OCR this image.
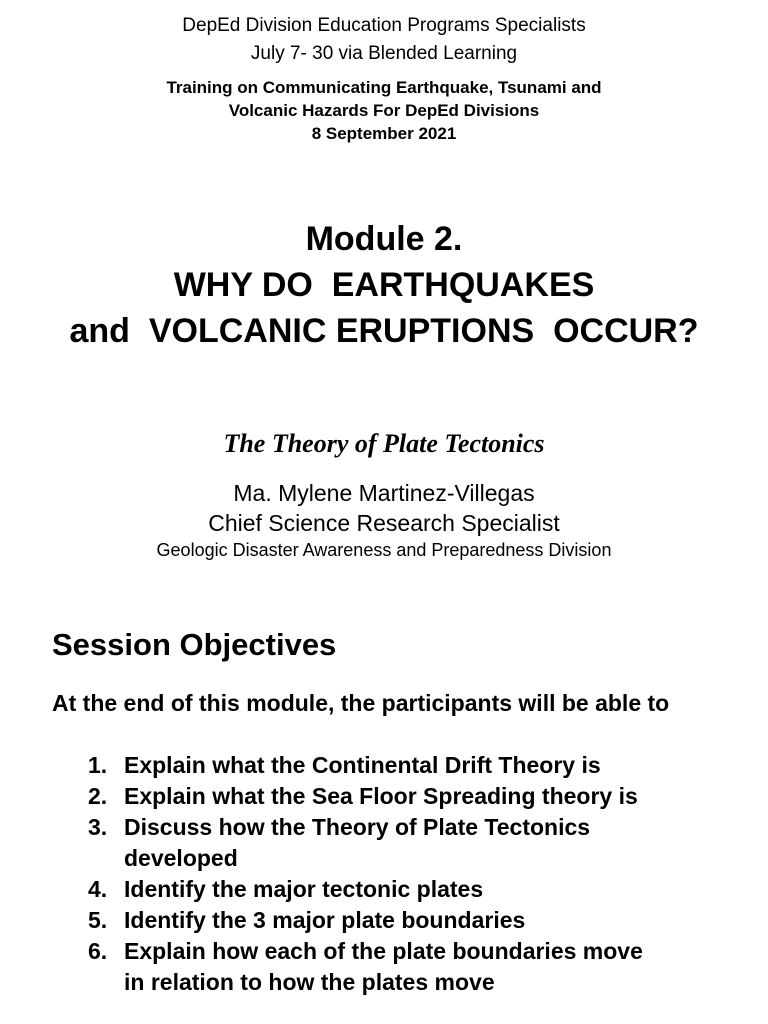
DepEd Division Education Programs Specialists
July 7- 30 via Blended Learning
Training on Communicating Earthquake, Tsunami and
Volcanic Hazards For DepEd Divisions
8 September 2021
Module 2.
WHY DO  EARTHQUAKES
and  VOLCANIC ERUPTIONS  OCCUR?
The Theory of Plate Tectonics
Ma. Mylene Martinez-Villegas
Chief Science Research Specialist
Geologic Disaster Awareness and Preparedness Division
Session Objectives
At the end of this module, the participants will be able to
1. Explain what the Continental Drift Theory is
2. Explain what the Sea Floor Spreading theory is
3. Discuss how the Theory of Plate Tectonics developed
4. Identify the major tectonic plates
5. Identify the 3 major plate boundaries
6. Explain how each of the plate boundaries move in relation to how the plates move
